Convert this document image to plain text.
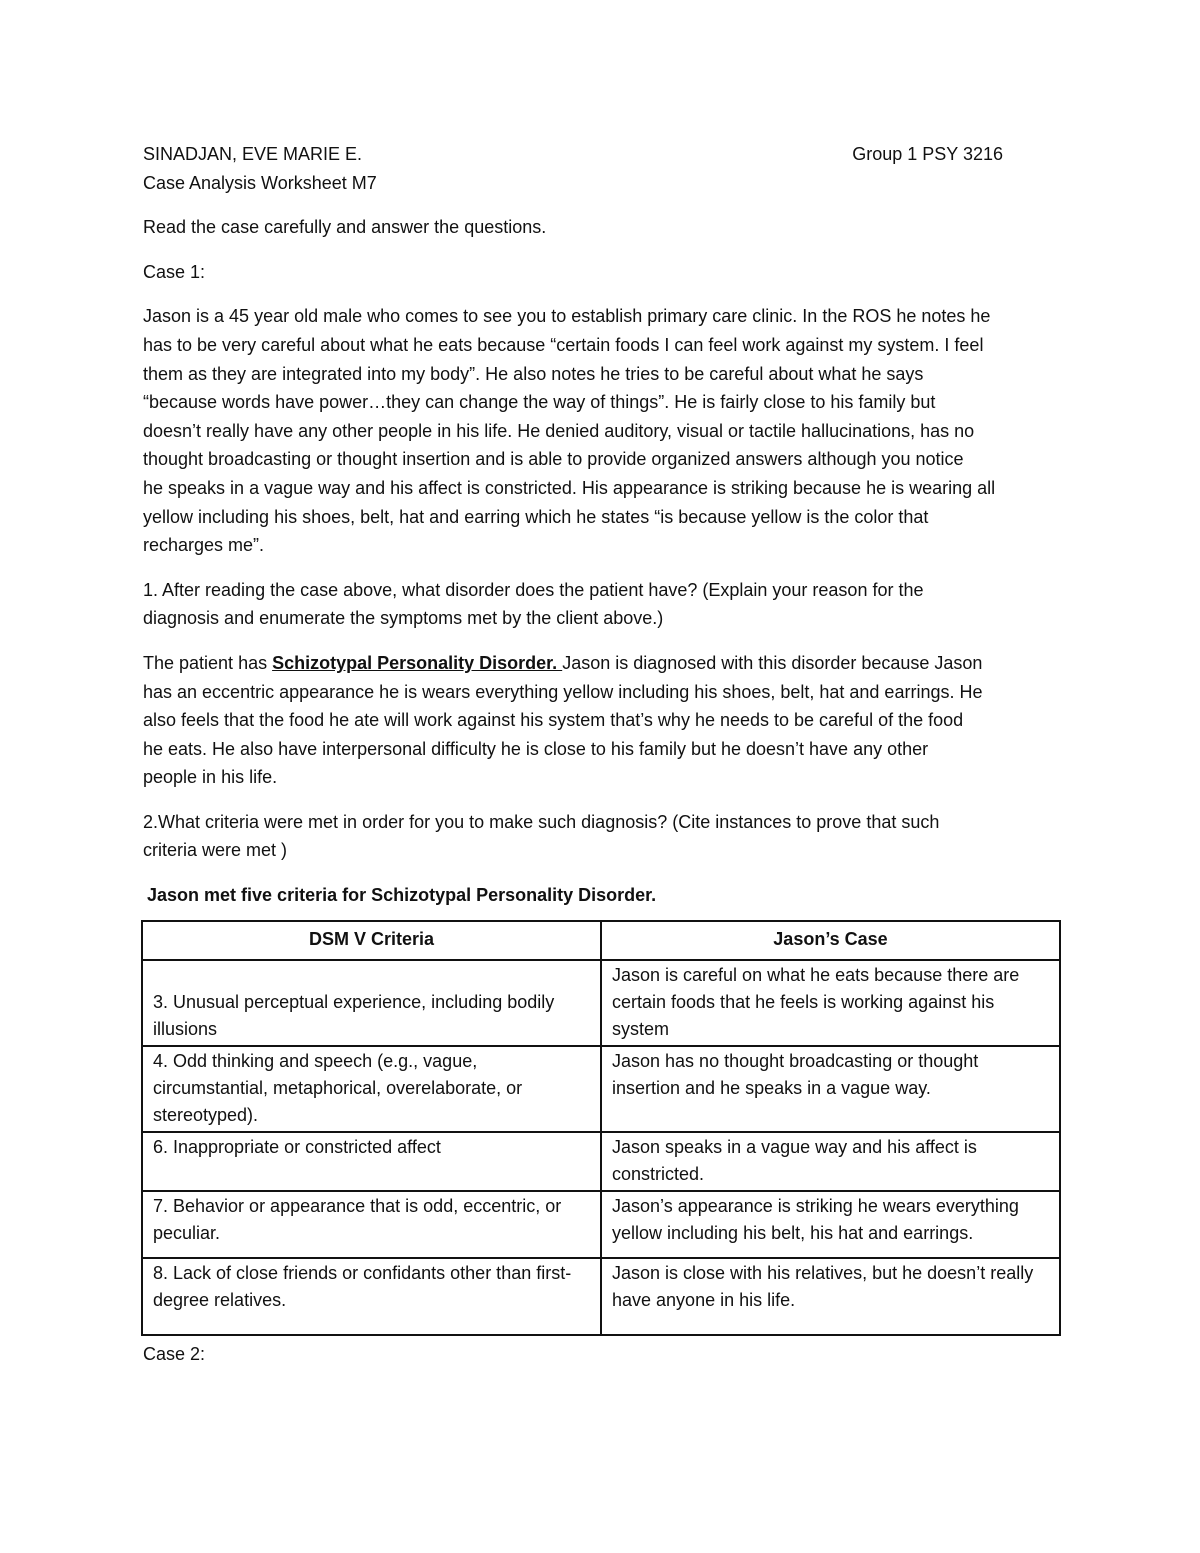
SINADJAN, EVE MARIE E.	Group 1 PSY 3216

Case Analysis Worksheet M7

Read the case carefully and answer the questions.

Case 1:

Jason is a 45 year old male who comes to see you to establish primary care clinic. In the ROS he notes he

has to be very careful about what he eats because “certain foods I can feel work against my system. I feel

them as they are integrated into my body”. He also notes he tries to be careful about what he says

“because words have power…they can change the way of things”. He is fairly close to his family but

doesn’t really have any other people in his life. He denied auditory, visual or tactile hallucinations, has no

thought broadcasting or thought insertion and is able to provide organized answers although you notice

he speaks in a vague way and his affect is constricted. His appearance is striking because he is wearing all

yellow including his shoes, belt, hat and earring which he states “is because yellow is the color that

recharges me”.

1. After reading the case above, what disorder does the patient have? (Explain your reason for the

diagnosis and enumerate the symptoms met by the client above.)

The patient has Schizotypal Personality Disorder. Jason is diagnosed with this disorder because Jason

has an eccentric appearance he is wears everything yellow including his shoes, belt, hat and earrings. He

also feels that the food he ate will work against his system that’s why he needs to be careful of the food

he eats. He also have interpersonal difficulty he is close to his family but he doesn’t have any other

people in his life.

2.What criteria were met in order for you to make such diagnosis? (Cite instances to prove that such

criteria were met )

Jason met five criteria for Schizotypal Personality Disorder.

DSM V Criteria	Jason’s Case
3. Unusual perceptual experience, including bodily illusions	Jason is careful on what he eats because there are certain foods that he feels is working against his system
4. Odd thinking and speech (e.g., vague, circumstantial, metaphorical, overelaborate, or stereotyped).	Jason has no thought broadcasting or thought insertion and he speaks in a vague way.
6. Inappropriate or constricted affect	Jason speaks in a vague way and his affect is constricted.
7. Behavior or appearance that is odd, eccentric, or peculiar.	Jason’s appearance is striking he wears everything yellow including his belt, his hat and earrings.
8. Lack of close friends or confidants other than first-degree relatives.	Jason is close with his relatives, but he doesn’t really have anyone in his life.

Case 2:
